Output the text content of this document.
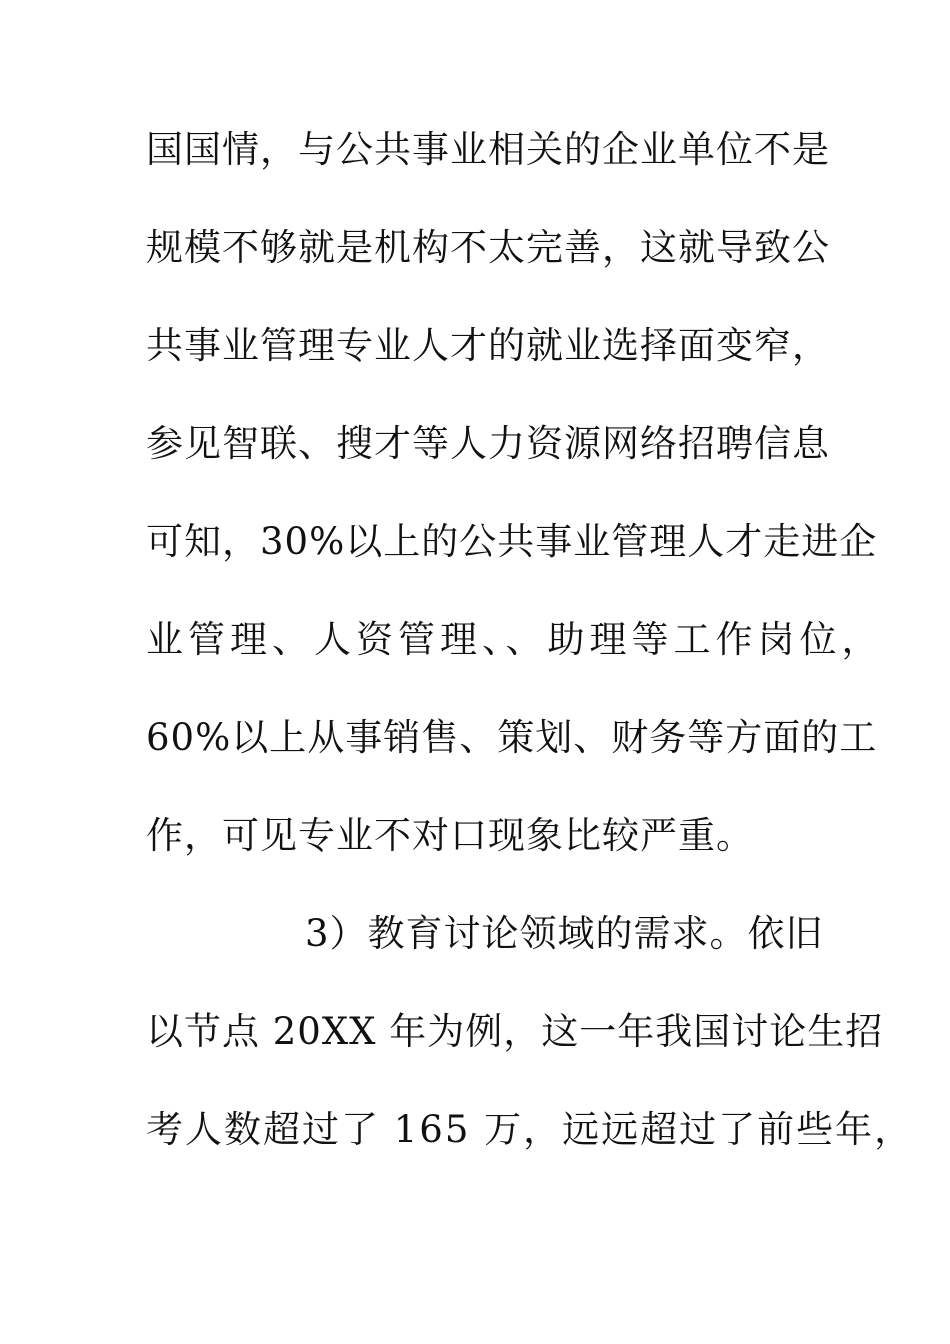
国国情，与公共事业相关的企业单位不是
规模不够就是机构不太完善，这就导致公
共事业管理专业人才的就业选择面变窄，
参见智联、搜才等人力资源网络招聘信息
可知，30%以上的公共事业管理人才走进企
业管理、人资管理、、助理等工作岗位，
60%以上从事销售、策划、财务等方面的工
作，可见专业不对口现象比较严重。
3）教育讨论领域的需求。依旧
以节点 20XX 年为例，这一年我国讨论生招
考人数超过了 165 万，远远超过了前些年，
